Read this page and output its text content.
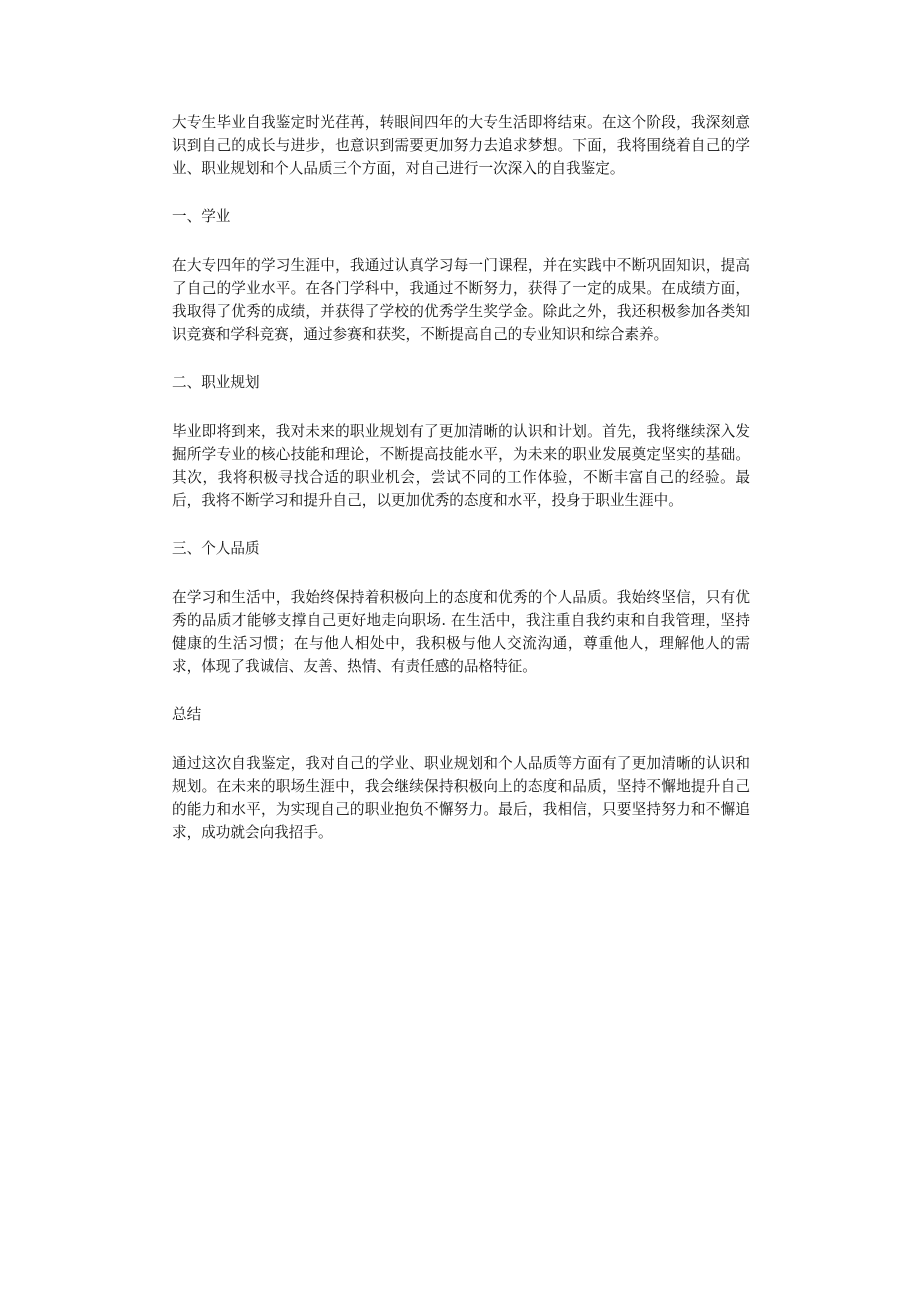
大专生毕业自我鉴定时光荏苒，转眼间四年的大专生活即将结束。在这个阶段，我深刻意识到自己的成长与进步，也意识到需要更加努力去追求梦想。下面，我将围绕着自己的学业、职业规划和个人品质三个方面，对自己进行一次深入的自我鉴定。

一、学业

在大专四年的学习生涯中，我通过认真学习每一门课程，并在实践中不断巩固知识，提高了自己的学业水平。在各门学科中，我通过不断努力，获得了一定的成果。在成绩方面，我取得了优秀的成绩，并获得了学校的优秀学生奖学金。除此之外，我还积极参加各类知识竞赛和学科竞赛，通过参赛和获奖，不断提高自己的专业知识和综合素养。

二、职业规划

毕业即将到来，我对未来的职业规划有了更加清晰的认识和计划。首先，我将继续深入发掘所学专业的核心技能和理论，不断提高技能水平，为未来的职业发展奠定坚实的基础。其次，我将积极寻找合适的职业机会，尝试不同的工作体验，不断丰富自己的经验。最后，我将不断学习和提升自己，以更加优秀的态度和水平，投身于职业生涯中。

三、个人品质

在学习和生活中，我始终保持着积极向上的态度和优秀的个人品质。我始终坚信，只有优秀的品质才能够支撑自己更好地走向职场. 在生活中，我注重自我约束和自我管理，坚持健康的生活习惯；在与他人相处中，我积极与他人交流沟通，尊重他人，理解他人的需求，体现了我诚信、友善、热情、有责任感的品格特征。

总结

通过这次自我鉴定，我对自己的学业、职业规划和个人品质等方面有了更加清晰的认识和规划。在未来的职场生涯中，我会继续保持积极向上的态度和品质，坚持不懈地提升自己的能力和水平，为实现自己的职业抱负不懈努力。最后，我相信，只要坚持努力和不懈追求，成功就会向我招手。
